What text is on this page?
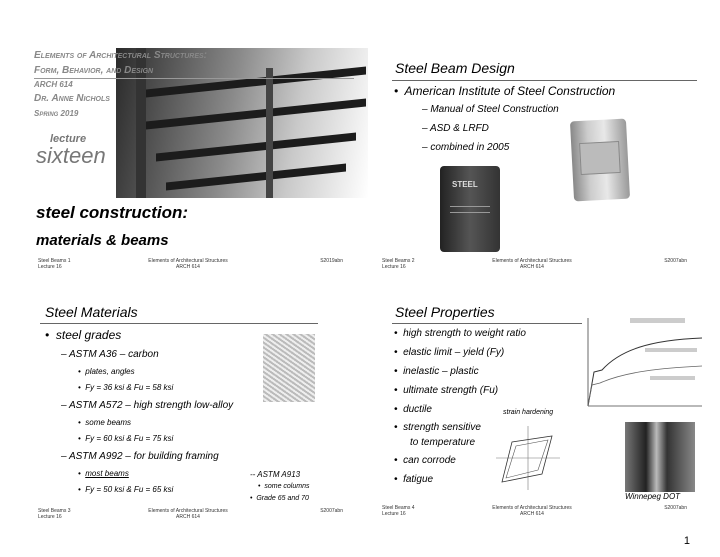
Elements of Architectural Structures:
Form, Behavior, and Design
ARCH 614
Dr. Anne Nichols
Spring 2019
lecture
sixteen
steel construction:
materials & beams
Steel Beams 1
Lecture 16
Elements of Architectural Structures
ARCH 614
S2019abn
Steel Beam Design
•  American Institute of Steel Construction
– Manual of Steel Construction
– ASD & LRFD
– combined in 2005
STEEL
Steel Beams 2
Lecture 16
Elements of Architectural Structures
ARCH 614
S2007abn
Steel Materials
•  steel grades
– ASTM A36 – carbon
•  plates, angles
•  Fy = 36 ksi & Fu = 58 ksi
– ASTM A572 – high strength low-alloy
•  some beams
•  Fy = 60 ksi & Fu = 75 ksi
– ASTM A992 – for building framing
•  most beams
•  Fy = 50 ksi & Fu = 65 ksi
-- ASTM A913
•  some columns
•  Grade 65 and 70
Steel Beams 3
Lecture 16
Elements of Architectural Structures
ARCH 614
S2007abn
Steel Properties
•  high strength to weight ratio
•  elastic limit – yield (Fy)
•  inelastic – plastic
•  ultimate strength (Fu)
•  ductile	strain hardening
•  strength sensitive
to temperature
•  can corrode
•  fatigue
Winnepeg DOT
Steel Beams 4
Lecture 16
Elements of Architectural Structures
ARCH 614
S2007abn
1
